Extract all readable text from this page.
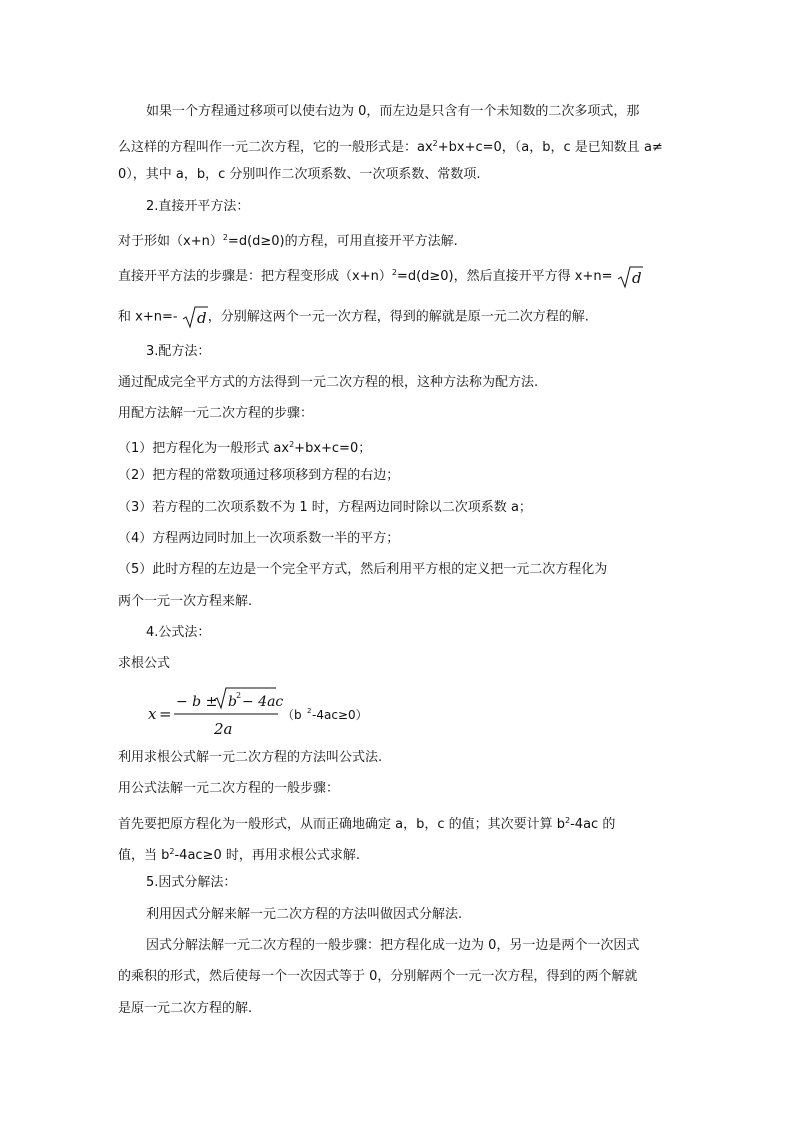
如果一个方程通过移项可以使右边为 0，而左边是只含有一个未知数的二次多项式，那
么这样的方程叫作一元二次方程，它的一般形式是：$ax^2+bx+c=0$，（a，b，c 是已知数且 a≠
0），其中 a，b，c 分别叫作二次项系数、一次项系数、常数项.
2.直接开平方法：
对于形如$(x+n)^2=d(d\ge 0)$的方程，可用直接开平方法解.
直接开平方法的步骤是：把方程变形成$(x+n)^2=d(d\ge 0)$，然后直接开平方得 x+n= d
和 x+n=- d ，分别解这两个一元一次方程，得到的解就是原一元二次方程的解.
3.配方法：
通过配成完全平方式的方法得到一元二次方程的根，这种方法称为配方法.
用配方法解一元二次方程的步骤：
（1）把方程化为一般形式 $ax^2+bx+c=0$；
（2）把方程的常数项通过移项移到方程的右边；
（3）若方程的二次项系数不为 1 时，方程两边同时除以二次项系数 a；
（4）方程两边同时加上一次项系数一半的平方；
（5）此时方程的左边是一个完全平方式，然后利用平方根的定义把一元二次方程化为
两个一元一次方程来解.
4.公式法：
求根公式
x =
− b ± b 2 − 4ac
2a
（b 2 -4ac≥0）
利用求根公式解一元二次方程的方法叫公式法.
用公式法解一元二次方程的一般步骤：
首先要把原方程化为一般形式，从而正确地确定 a，b，c 的值；其次要计算 $b^2-4ac$ 的
值，当 $b^2-4ac\ge 0$ 时，再用求根公式求解.
5.因式分解法：
利用因式分解来解一元二次方程的方法叫做因式分解法.
因式分解法解一元二次方程的一般步骤：把方程化成一边为 0，另一边是两个一次因式
的乘积的形式，然后使每一个一次因式等于 0，分别解两个一元一次方程，得到的两个解就
是原一元二次方程的解.
